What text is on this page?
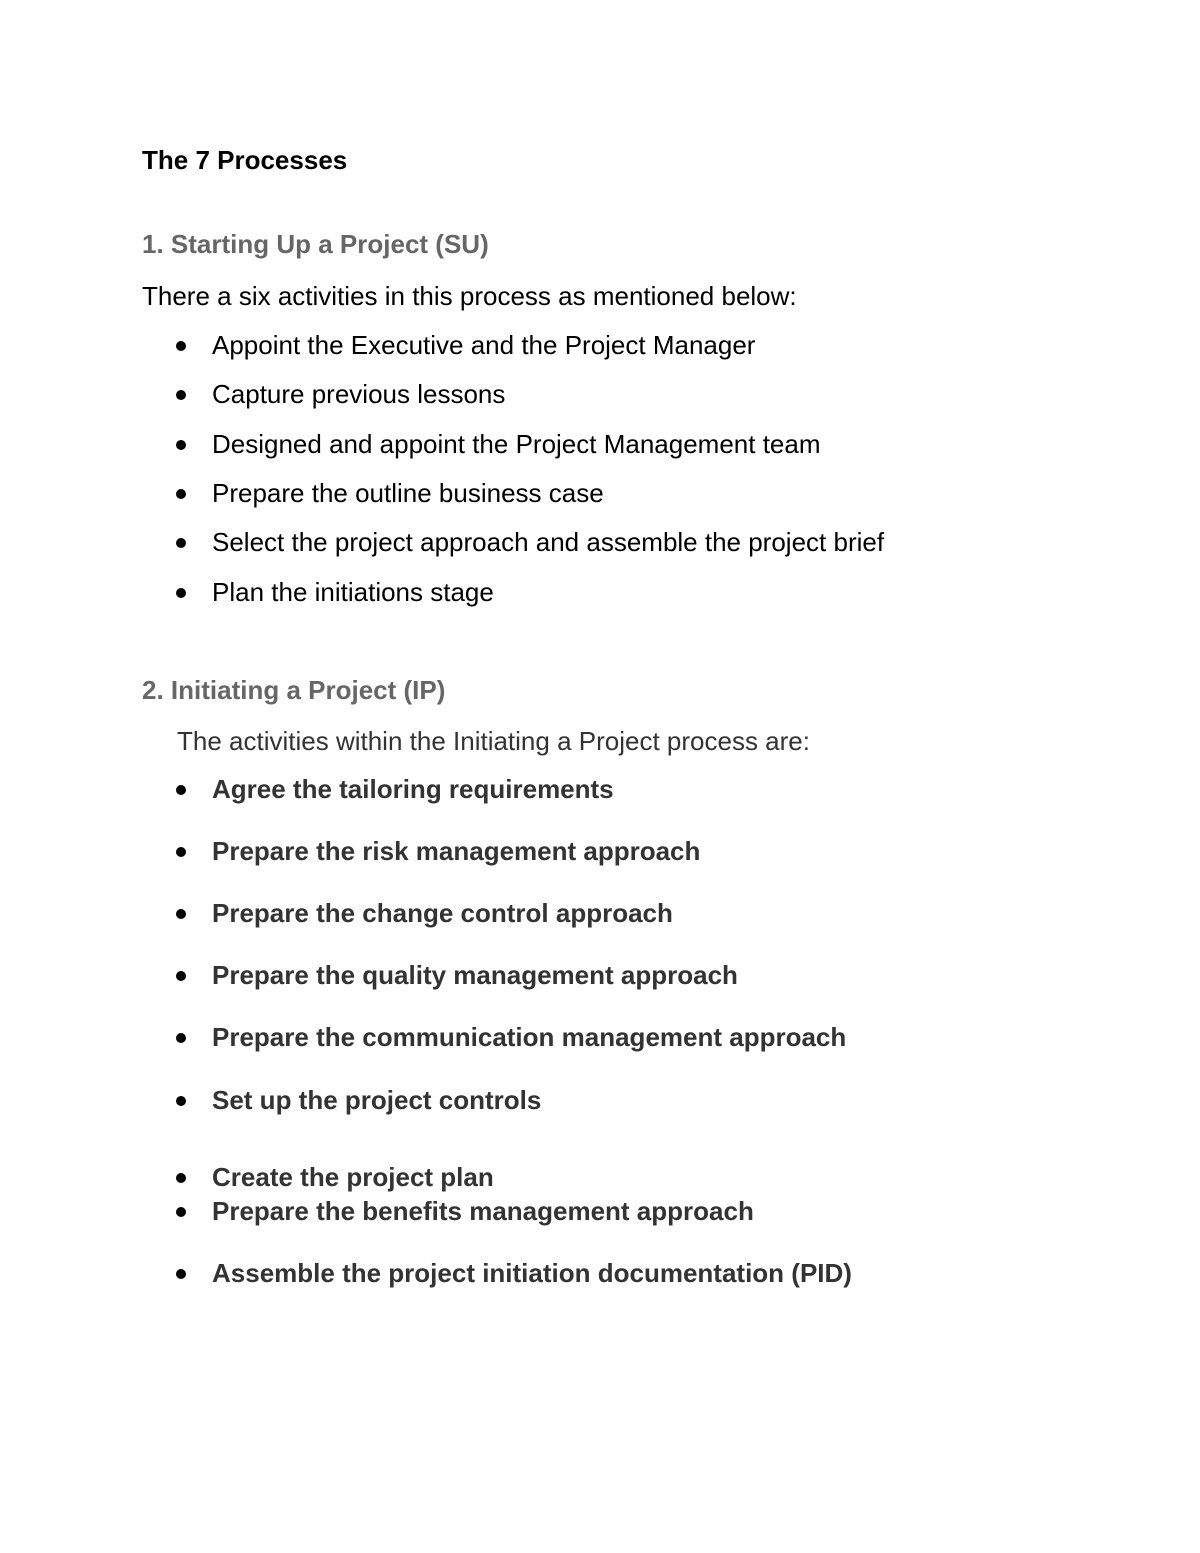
The 7 Processes
1. Starting Up a Project (SU)

There a six activities in this process as mentioned below:

Appoint the Executive and the Project Manager
Capture previous lessons
Designed and appoint the Project Management team
Prepare the outline business case
Select the project approach and assemble the project brief
Plan the initiations stage
2. Initiating a Project (IP)

The activities within the Initiating a Project process are:

Agree the tailoring requirements
Prepare the risk management approach
Prepare the change control approach
Prepare the quality management approach
Prepare the communication management approach
Set up the project controls
Create the project plan
Prepare the benefits management approach
Assemble the project initiation documentation (PID)
